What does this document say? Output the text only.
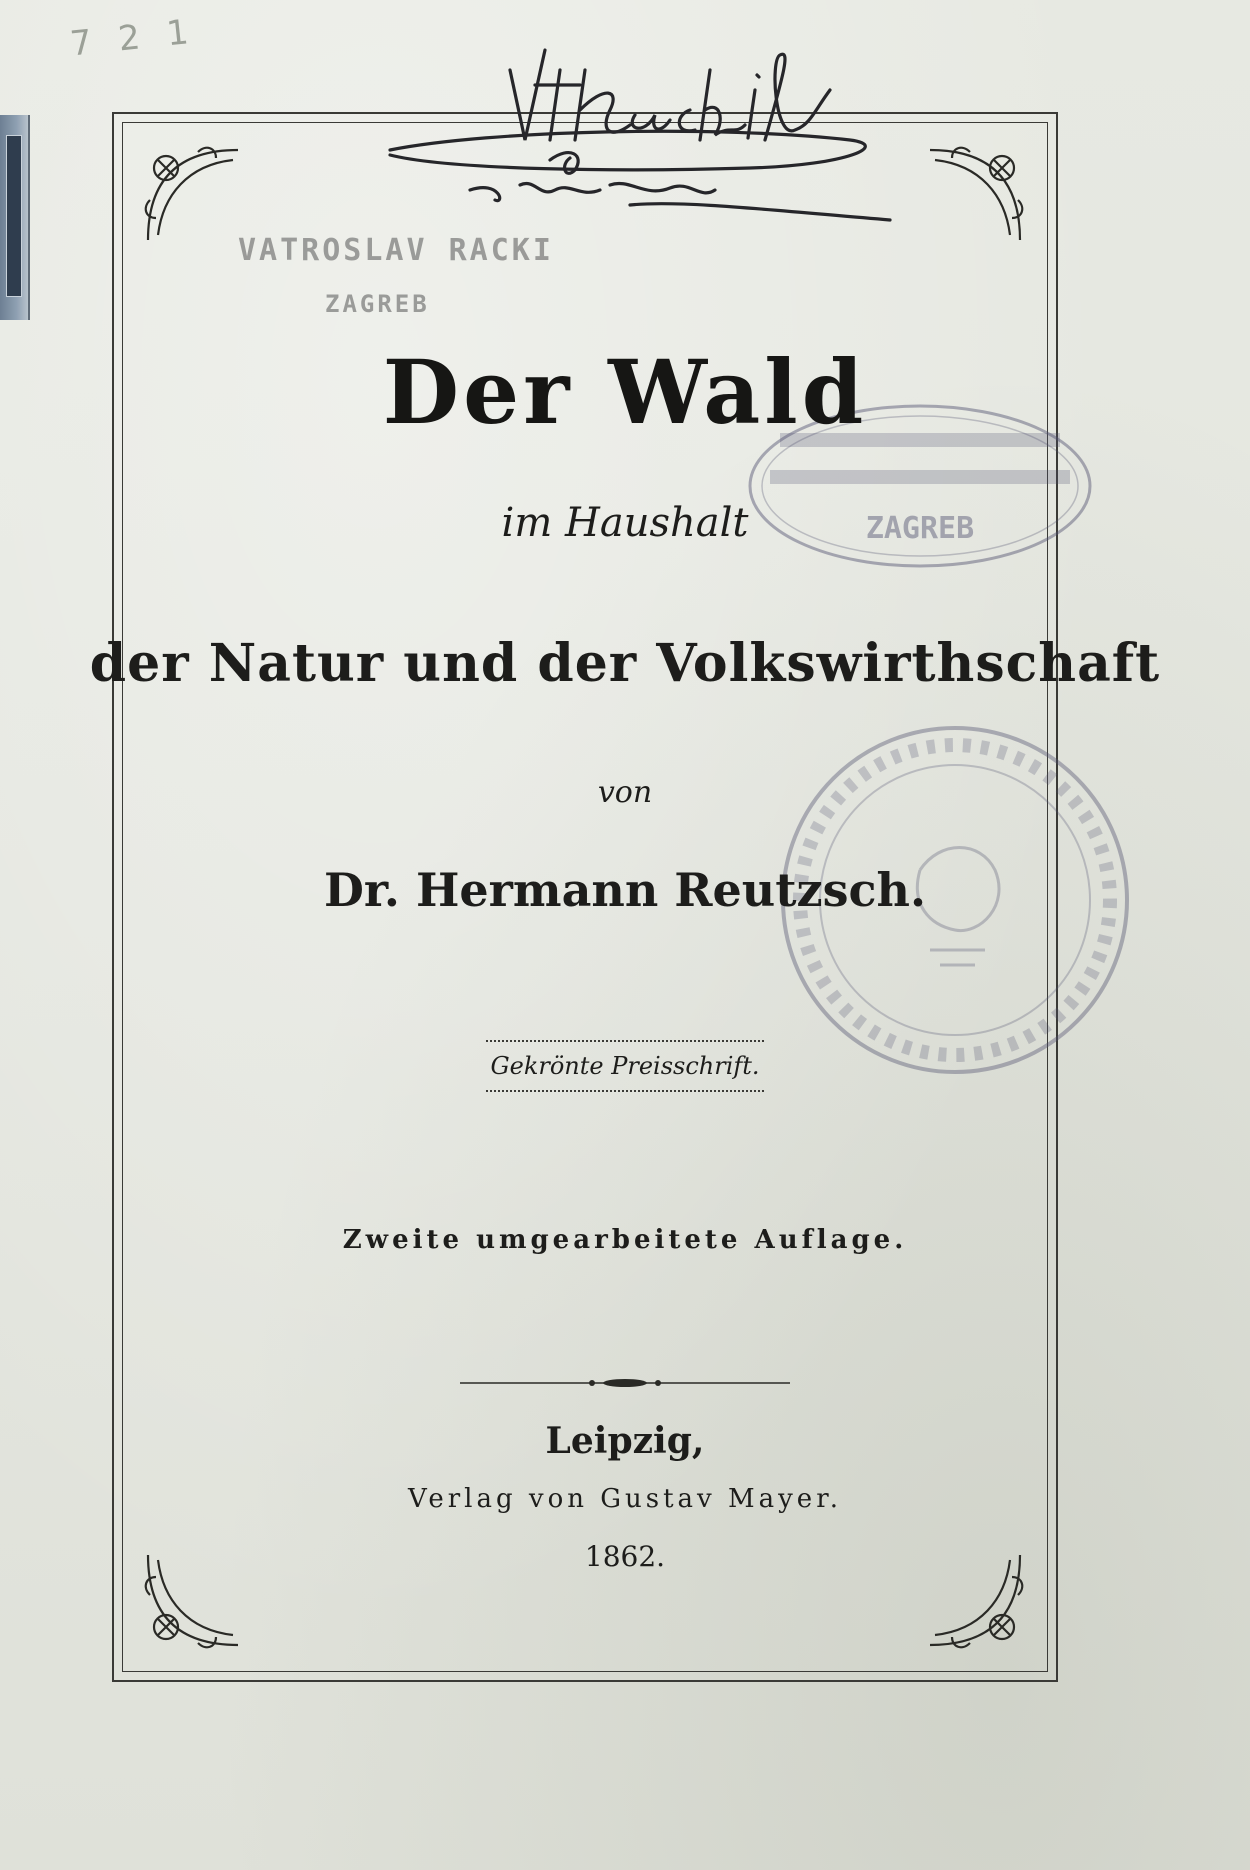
7 2 1
VATROSLAV RACKI
ZAGREB
ZAGREB
Der Wald
im Haushalt
der Natur und der Volkswirthschaft
von
Dr. Hermann Reutzsch.
Gekrönte Preisschrift.
Zweite umgearbeitete Auflage.
Leipzig,
Verlag von Gustav Mayer.
1862.
